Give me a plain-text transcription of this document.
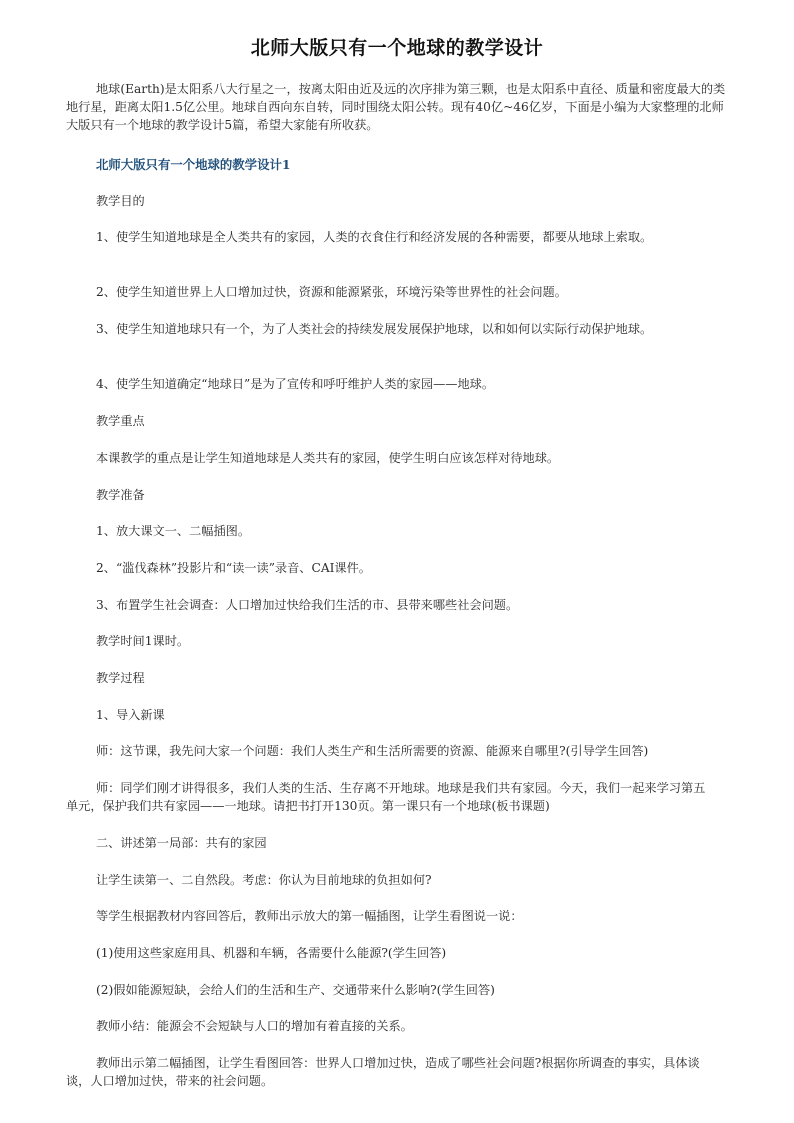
北师大版只有一个地球的教学设计
地球(Earth)是太阳系八大行星之一，按离太阳由近及远的次序排为第三颗，也是太阳系中直径、质量和密度最大的类地行星，距离太阳1.5亿公里。地球自西向东自转，同时围绕太阳公转。现有40亿~46亿岁，下面是小编为大家整理的北师大版只有一个地球的教学设计5篇，希望大家能有所收获。
北师大版只有一个地球的教学设计1
教学目的
1、使学生知道地球是全人类共有的家园，人类的衣食住行和经济发展的各种需要，都要从地球上索取。
2、使学生知道世界上人口增加过快，资源和能源紧张，环境污染等世界性的社会问题。
3、使学生知道地球只有一个，为了人类社会的持续发展发展保护地球，以和如何以实际行动保护地球。
4、使学生知道确定“地球日”是为了宣传和呼吁维护人类的家园——地球。
教学重点
本课教学的重点是让学生知道地球是人类共有的家园，使学生明白应该怎样对待地球。
教学准备
1、放大课文一、二幅插图。
2、“滥伐森林”投影片和“读一读”录音、CAI课件。
3、布置学生社会调查：人口增加过快给我们生活的市、县带来哪些社会问题。
教学时间1课时。
教学过程
1、导入新课
师：这节课，我先问大家一个问题：我们人类生产和生活所需要的资源、能源来自哪里?(引导学生回答)
师：同学们刚才讲得很多，我们人类的生活、生存离不开地球。地球是我们共有家园。今天，我们一起来学习第五单元，保护我们共有家园——一地球。请把书打开130页。第一课只有一个地球(板书课题)
二、讲述第一局部：共有的家园
让学生读第一、二自然段。考虑：你认为目前地球的负担如何?
等学生根据教材内容回答后，教师出示放大的第一幅插图，让学生看图说一说：
(1)使用这些家庭用具、机器和车辆，各需要什么能源?(学生回答)
(2)假如能源短缺，会给人们的生活和生产、交通带来什么影响?(学生回答)
教师小结：能源会不会短缺与人口的增加有着直接的关系。
教师出示第二幅插图，让学生看图回答：世界人口增加过快，造成了哪些社会问题?根据你所调查的事实，具体谈谈，人口增加过快，带来的社会问题。
